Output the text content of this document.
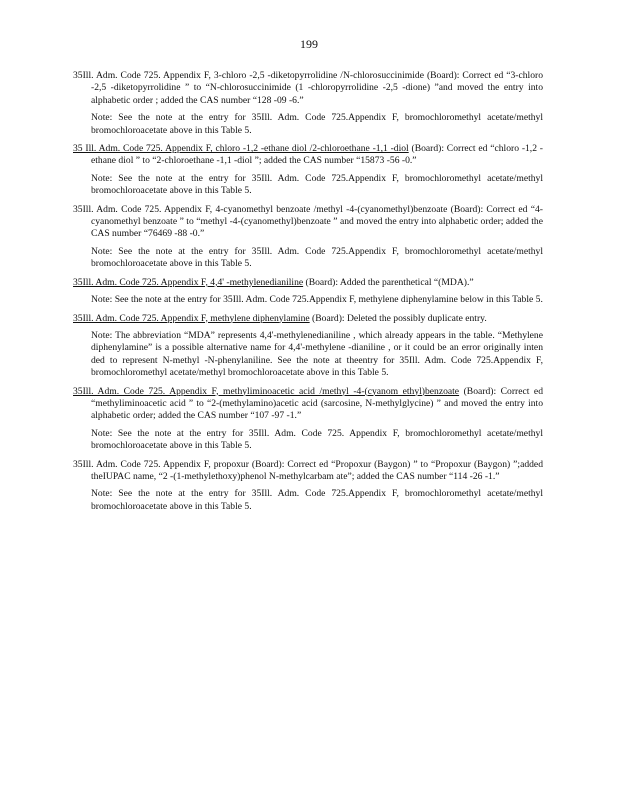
199
35Ill. Adm. Code 725. Appendix F, 3-chloro -2,5 -diketopyrrolidine /N-chlorosuccinimide (Board): Correct ed “3-chloro -2,5 -diketopyrrolidine ” to “N-chlorosuccinimide (1 -chloropyrrolidine -2,5 -dione) ”and moved the entry into alphabetic order ; added the CAS number “128 -09 -6.”
Note: See the note at the entry for 35Ill. Adm. Code 725.Appendix F, bromochloromethyl acetate/methyl bromochloroacetate above in this Table 5.
35 Ill. Adm. Code 725. Appendix F, chloro -1,2 -ethane diol /2-chloroethane -1,1 -diol (Board): Correct ed “chloro -1,2 -ethane diol ” to “2-chloroethane -1,1 -diol ”; added the CAS number “15873 -56 -0.”
Note: See the note at the entry for 35Ill. Adm. Code 725.Appendix F, bromochloromethyl acetate/methyl bromochloroacetate above in this Table 5.
35Ill. Adm. Code 725. Appendix F, 4-cyanomethyl benzoate /methyl -4-(cyanomethyl)benzoate (Board): Correct ed “4-cyanomethyl benzoate ” to “methyl -4-(cyanomethyl)benzoate ” and moved the entry into alphabetic order; added the CAS number “76469 -88 -0.”
Note: See the note at the entry for 35Ill. Adm. Code 725.Appendix F, bromochloromethyl acetate/methyl bromochloroacetate above in this Table 5.
35Ill. Adm. Code 725. Appendix F, 4,4' -methylenedianiline (Board): Added the parenthetical “(MDA).”
Note: See the note at the entry for 35Ill. Adm. Code 725.Appendix F, methylene diphenylamine below in this Table 5.
35Ill. Adm. Code 725. Appendix F, methylene diphenylamine (Board): Deleted the possibly duplicate entry.
Note: The abbreviation “MDA” represents 4,4'-methylenedianiline , which already appears in the table. “Methylene diphenylamine” is a possible alternative name for 4,4'-methylene -dianiline , or it could be an error originally inten ded to represent N-methyl -N-phenylaniline. See the note at theentry for 35Ill. Adm. Code 725.Appendix F, bromochloromethyl acetate/methyl bromochloroacetate above in this Table 5.
35Ill. Adm. Code 725. Appendix F, methyliminoacetic acid /methyl -4-(cyanom ethyl)benzoate (Board): Correct ed “methyliminoacetic acid ” to “2-(methylamino)acetic acid (sarcosine, N-methylglycine) ” and moved the entry into alphabetic order; added the CAS number “107 -97 -1.”
Note: See the note at the entry for 35Ill. Adm. Code 725. Appendix F, bromochloromethyl acetate/methyl bromochloroacetate above in this Table 5.
35Ill. Adm. Code 725. Appendix F, propoxur (Board): Correct ed “Propoxur (Baygon) ” to “Propoxur (Baygon) ”;added theIUPAC name, “2 -(1-methylethoxy)phenol N-methylcarbam ate”; added the CAS number “114 -26 -1.”
Note: See the note at the entry for 35Ill. Adm. Code 725.Appendix F, bromochloromethyl acetate/methyl bromochloroacetate above in this Table 5.
